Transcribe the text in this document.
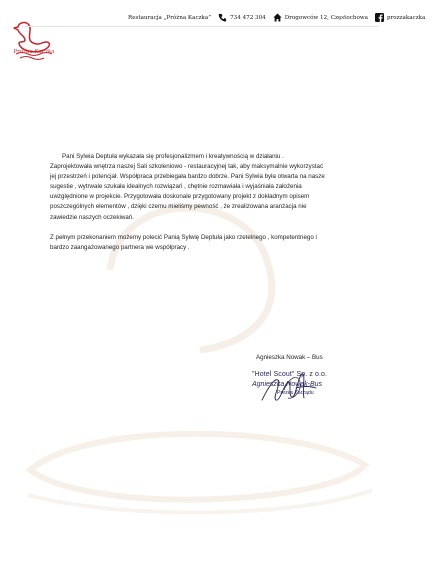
Próżna Kaczka
Restauracja „Próżna Kaczka”	734 472 304	Drogowców 12, Częstochowa	prozzakaczka

Pani Sylwia Deptuła wykazała się profesjonalizmem i kreatywnością w działaniu .

Zaprojektowała wnętrza naszej Sali szkoleniowo - restauracyjnej tak, aby maksymalnie wykorzystać

jej przestrzeń i potencjał. Współpraca przebiegała bardzo dobrze. Pani Sylwia była otwarta na nasze

sugestie , wytrwale szukała idealnych rozwiązań , chętnie rozmawiała i wyjaśniała założenia

uwzględnione w projekcie. Przygotowała doskonale przygotowany projekt z dokładnym opisem

poszczególnych elementów , dzięki czemu mieliśmy pewność , że zrealizowana aranżacja nie

zawiedzie naszych oczekiwań.

Z pełnym przekonaniem możemy polecić Panią Sylwię Deptuła jako rzetelnego , kompetentnego i

bardzo zaangażowanego partnera we współpracy .

Agnieszka Nowak – Bus
"Hotel Scout" Sp. z o.o.
Agnieszka Nowak-Bus
Prezes Zarządu
